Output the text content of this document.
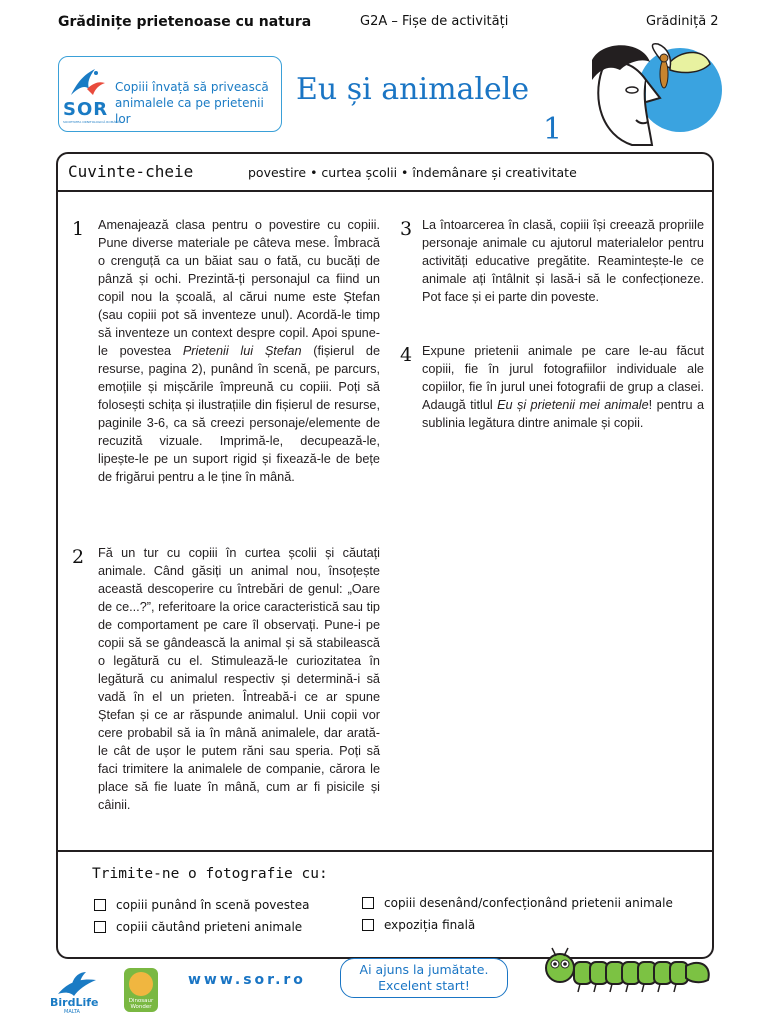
Grădinițe prietenoase cu natura	G2A – Fișe de activități	Grădiniță 2
SOR
SOCIETATEA ORNITOLOGICĂ ROMÂNĂ
Copiii învață să privească animalele ca pe prietenii lor
Eu și animalele
1
Cuvinte-cheie	povestire • curtea școlii • îndemânare și creativitate
1 Amenajează clasa pentru o povestire cu copiii. Pune diverse materiale pe câteva mese. Îmbracă o crenguță ca un băiat sau o fată, cu bucăți de pânză și ochi. Prezintă-ți personajul ca fiind un copil nou la școală, al cărui nume este Ștefan (sau copiii pot să inventeze unul). Acordă-le timp să inventeze un context despre copil. Apoi spune-le povestea Prietenii lui Ștefan (fișierul de resurse, pagina 2), punând în scenă, pe parcurs, emoțiile și mișcările împreună cu copiii. Poți să folosești schița și ilustrațiile din fișierul de resurse, paginile 3-6, ca să creezi personaje/elemente de recuzită vizuale. Imprimă-le, decupează-le, lipește-le pe un suport rigid și fixează-le de bețe de frigărui pentru a le ține în mână.
2 Fă un tur cu copiii în curtea școlii și căutați animale. Când găsiți un animal nou, însoțește această descoperire cu întrebări de genul: „Oare de ce...?”, referitoare la orice caracteristică sau tip de comportament pe care îl observați. Pune-i pe copii să se gândească la animal și să stabilească o legătură cu el. Stimulează-le curiozitatea în legătură cu animalul respectiv și determină-i să vadă în el un prieten. Întreabă-i ce ar spune Ștefan și ce ar răspunde animalul. Unii copii vor cere probabil să ia în mână animalele, dar arată-le cât de ușor le putem răni sau speria. Poți să faci trimitere la animalele de companie, cărora le place să fie luate în mână, cum ar fi pisicile și câinii.
3 La întoarcerea în clasă, copiii își creează propriile personaje animale cu ajutorul materialelor pentru activități educative pregătite. Reamintește-le ce animale ați întâlnit și lasă-i să le confecționeze. Pot face și ei parte din poveste.
4 Expune prietenii animale pe care le-au făcut copiii, fie în jurul fotografiilor individuale ale copiilor, fie în jurul unei fotografii de grup a clasei. Adaugă titlul Eu și prietenii mei animale! pentru a sublinia legătura dintre animale și copii.
Trimite-ne o fotografie cu:
copiii punând în scenă povestea
copiii căutând prieteni animale
copiii desenând/confecționând prietenii animale
expoziția finală
BirdLife
MALTA
Dinosaur Wonder
www.sor.ro
Ai ajuns la jumătate.
Excelent start!
